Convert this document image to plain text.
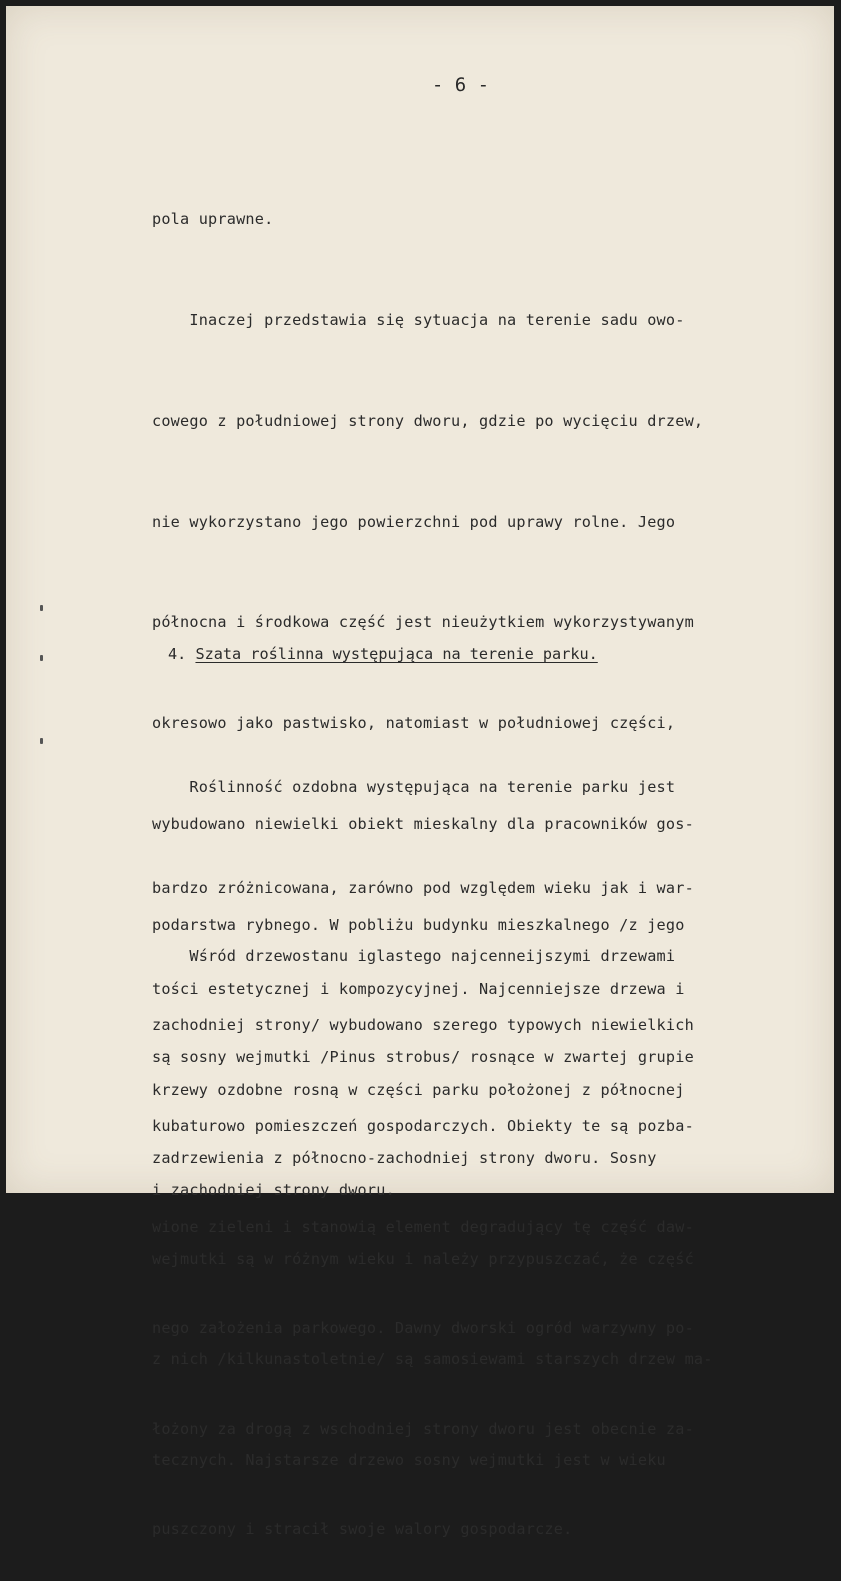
- 6 -

pola uprawne.

Inaczej przedstawia się sytuacja na terenie sadu owo-

cowego z południowej strony dworu, gdzie po wycięciu drzew,

nie wykorzystano jego powierzchni pod uprawy rolne. Jego

północna i środkowa część jest nieużytkiem wykorzystywanym

okresowo jako pastwisko, natomiast w południowej części,

wybudowano niewielki obiekt mieskalny dla pracowników gos-

podarstwa rybnego. W pobliżu budynku mieszkalnego /z jego

zachodniej strony/ wybudowano szerego typowych niewielkich

kubaturowo pomieszczeń gospodarczych. Obiekty te są pozba-

wione zieleni i stanowią element degradujący tę część daw-

nego założenia parkowego. Dawny dworski ogród warzywny po-

łożony za drogą z wschodniej strony dworu jest obecnie za-

puszczony i stracił swoje walory gospodarcze.

4. Szata roślinna występująca na terenie parku.

Roślinność ozdobna występująca na terenie parku jest

bardzo zróżnicowana, zarówno pod względem wieku jak i war-

tości estetycznej i kompozycyjnej. Najcenniejsze drzewa i

krzewy ozdobne rosną w części parku położonej z północnej

i zachodniej strony dworu.

Wśród drzewostanu iglastego najcenneijszymi drzewami

są sosny wejmutki /Pinus strobus/ rosnące w zwartej grupie

zadrzewienia z północno-zachodniej strony dworu. Sosny

wejmutki są w różnym wieku i należy przypuszczać, że część

z nich /kilkunastoletnie/ są samosiewami starszych drzew ma-

tecznych. Najstarsze drzewo sosny wejmutki jest w wieku
